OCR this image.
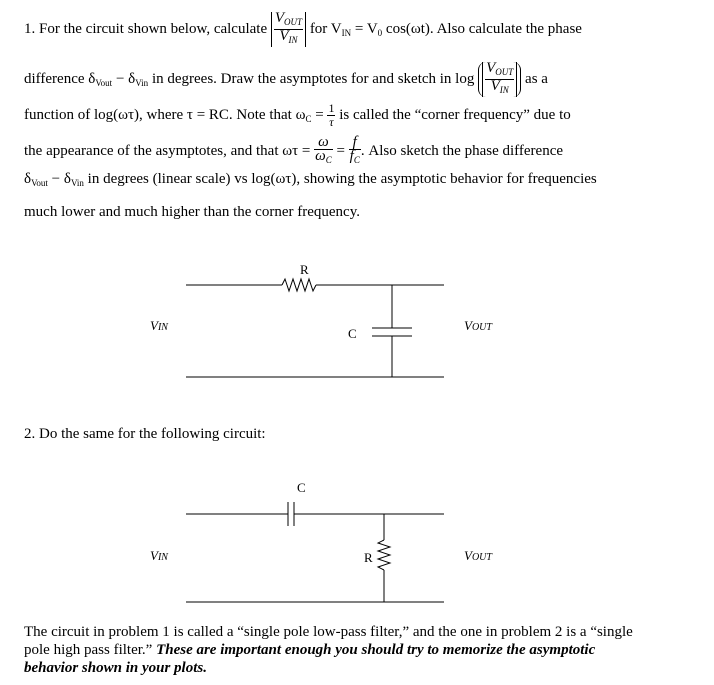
1. For the circuit shown below, calculate $\frac{V_{OUT}}{V_{IN}}$ for $V_{IN} = V_0$ cos(ωt). Also calculate the phase
difference $\delta_{Vout} - \delta_{Vin}$ in degrees. Draw the asymptotes for and sketch in $\log \frac{V_{OUT}}{V_{IN}}$ as a
function of log(ωτ), where τ = RC. Note that $\omega_C = \frac{1}{\tau}$ is called the “corner frequency” due to
the appearance of the asymptotes, and that $\omega\tau = \frac{\omega}{\omega_C} = \frac{f}{f_C}$ . Also sketch the phase difference
$\delta_{Vout} - \delta_{Vin}$ in degrees (linear scale) vs log(ωτ), showing the asymptotic behavior for frequencies
much lower and much higher than the corner frequency.
R
C
VIN	VOUT
2. Do the same for the following circuit:
C
R
VIN	VOUT
The circuit in problem 1 is called a “single pole low-pass filter,” and the one in problem 2 is a “single pole high pass filter.” These are important enough you should try to memorize the asymptotic behavior shown in your plots.
